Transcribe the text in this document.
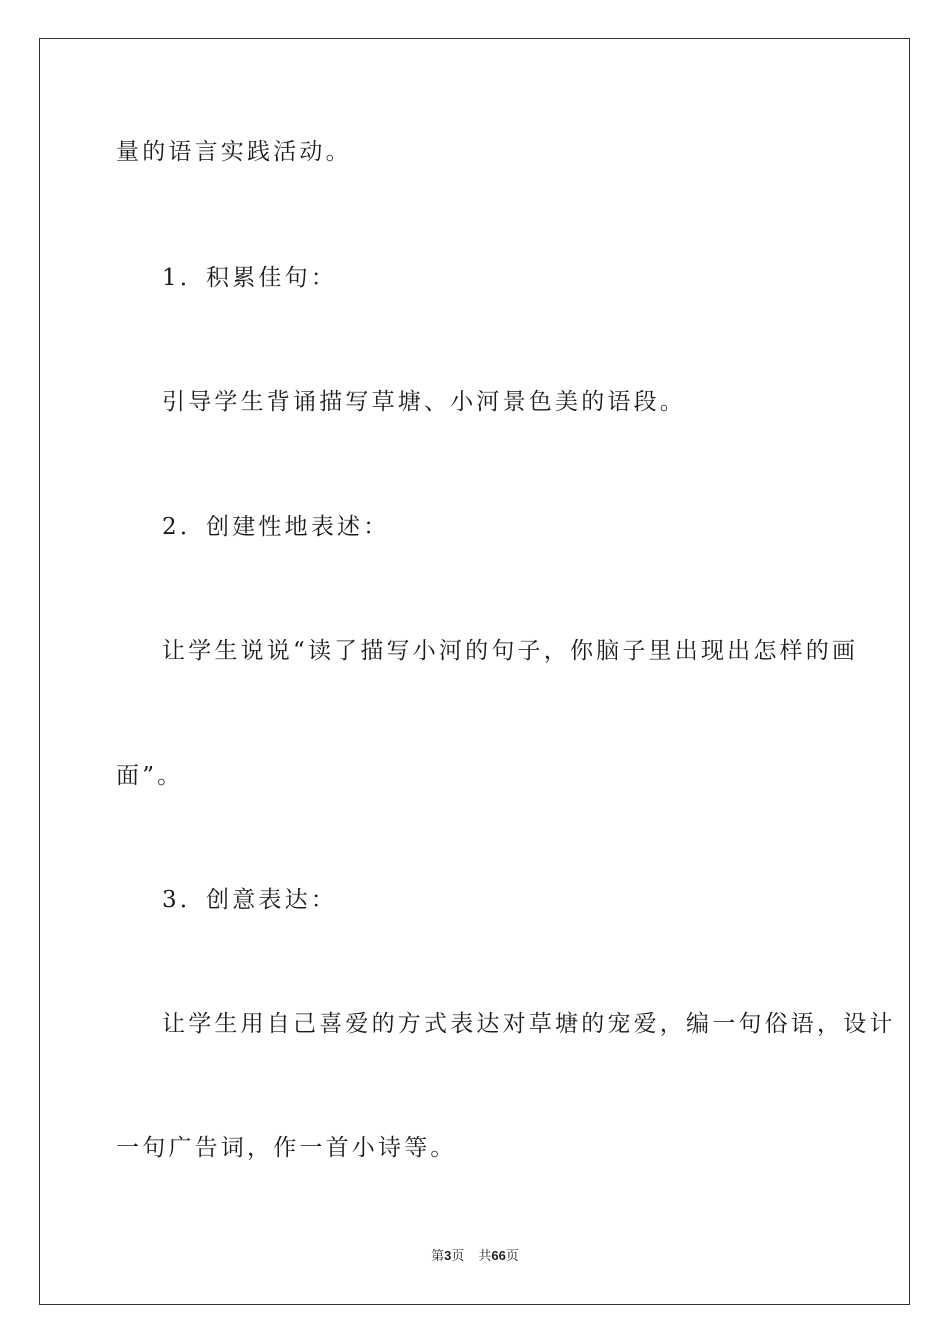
量的语言实践活动。
1．积累佳句：
引导学生背诵描写草塘、小河景色美的语段。
2．创建性地表述：
让学生说说“读了描写小河的句子，你脑子里出现出怎样的画
面”。
3．创意表达：
让学生用自己喜爱的方式表达对草塘的宠爱，编一句俗语，设计
一句广告词，作一首小诗等。
第3页 共66页
